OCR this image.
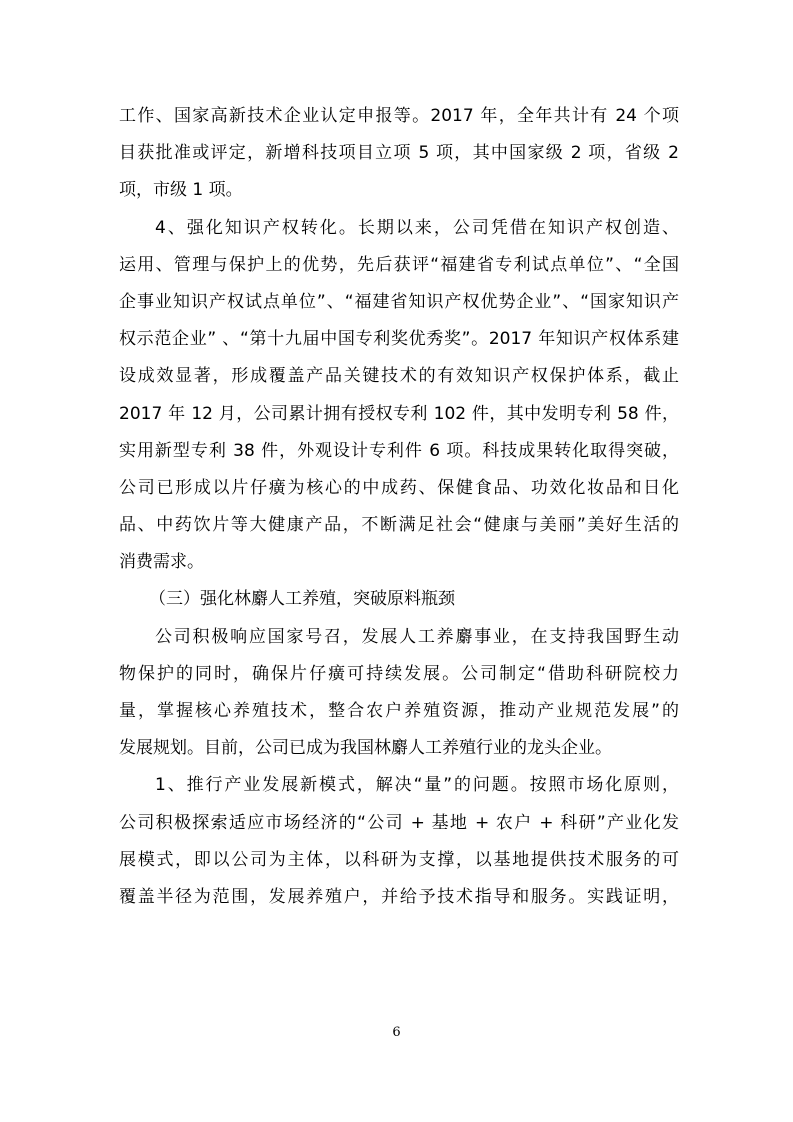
工作、国家高新技术企业认定申报等。2017 年，全年共计有 24 个项
目获批准或评定，新增科技项目立项 5 项，其中国家级 2 项，省级 2
项，市级 1 项。
4、强化知识产权转化。长期以来，公司凭借在知识产权创造、
运用、管理与保护上的优势，先后获评“福建省专利试点单位”、“全国
企事业知识产权试点单位”、“福建省知识产权优势企业”、“国家知识产
权示范企业” 、“第十九届中国专利奖优秀奖”。2017 年知识产权体系建
设成效显著，形成覆盖产品关键技术的有效知识产权保护体系，截止
2017 年 12 月，公司累计拥有授权专利 102 件，其中发明专利 58 件，
实用新型专利 38 件，外观设计专利件 6 项。科技成果转化取得突破，
公司已形成以片仔癀为核心的中成药、保健食品、功效化妆品和日化
品、中药饮片等大健康产品，不断满足社会“健康与美丽”美好生活的
消费需求。
（三）强化林麝人工养殖，突破原料瓶颈
公司积极响应国家号召，发展人工养麝事业，在支持我国野生动
物保护的同时，确保片仔癀可持续发展。公司制定“借助科研院校力
量，掌握核心养殖技术，整合农户养殖资源，推动产业规范发展”的
发展规划。目前，公司已成为我国林麝人工养殖行业的龙头企业。
1、推行产业发展新模式，解决“量”的问题。按照市场化原则，
公司积极探索适应市场经济的“公司 + 基地 + 农户 + 科研”产业化发
展模式，即以公司为主体，以科研为支撑，以基地提供技术服务的可
覆盖半径为范围，发展养殖户，并给予技术指导和服务。实践证明，
6
